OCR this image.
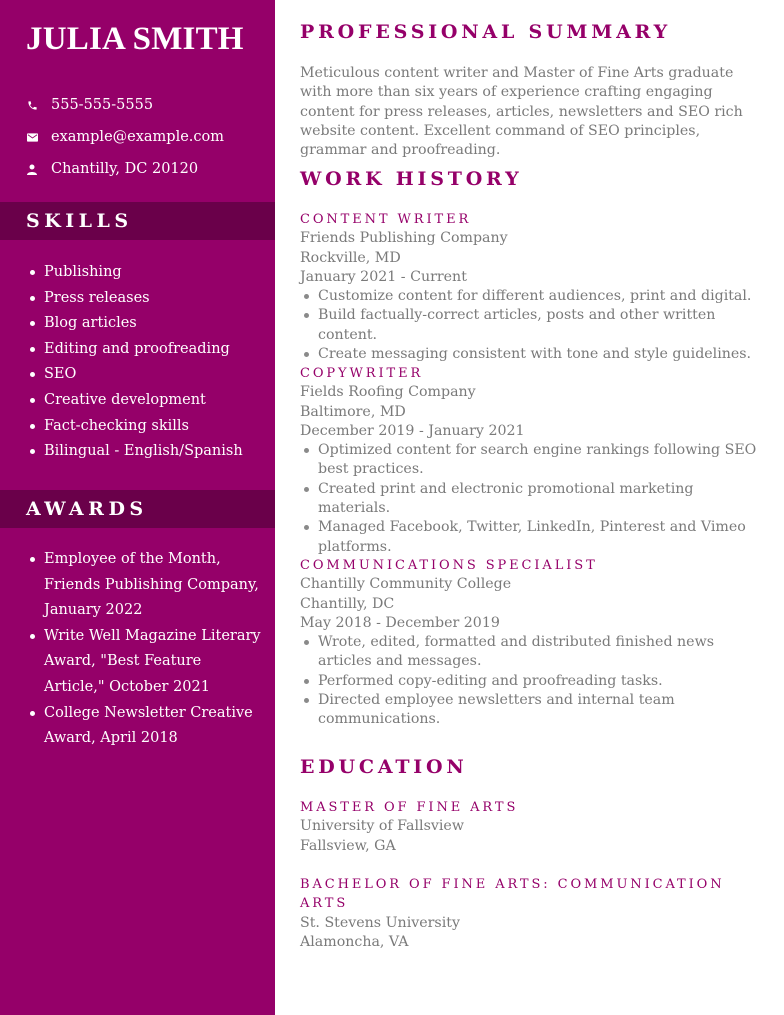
JULIA SMITH
555-555-5555
example@example.com
Chantilly, DC 20120
SKILLS
Publishing
Press releases
Blog articles
Editing and proofreading
SEO
Creative development
Fact-checking skills
Bilingual - English/Spanish
AWARDS
Employee of the Month, Friends Publishing Company, January 2022
Write Well Magazine Literary Award, "Best Feature Article," October 2021
College Newsletter Creative Award, April 2018
PROFESSIONAL SUMMARY

Meticulous content writer and Master of Fine Arts graduate with more than six years of experience crafting engaging content for press releases, articles, newsletters and SEO rich website content. Excellent command of SEO principles, grammar and proofreading.

WORK HISTORY
CONTENT WRITER
Friends Publishing Company
Rockville, MD
January 2021 - Current
Customize content for different audiences, print and digital.
Build factually-correct articles, posts and other written content.
Create messaging consistent with tone and style guidelines.
COPYWRITER
Fields Roofing Company
Baltimore, MD
December 2019 - January 2021
Optimized content for search engine rankings following SEO best practices.
Created print and electronic promotional marketing materials.
Managed Facebook, Twitter, LinkedIn, Pinterest and Vimeo platforms.
COMMUNICATIONS SPECIALIST
Chantilly Community College
Chantilly, DC
May 2018 - December 2019
Wrote, edited, formatted and distributed finished news articles and messages.
Performed copy-editing and proofreading tasks.
Directed employee newsletters and internal team communications.
EDUCATION
MASTER OF FINE ARTS
University of Fallsview
Fallsview, GA
BACHELOR OF FINE ARTS: COMMUNICATION ARTS
St. Stevens University
Alamoncha, VA
